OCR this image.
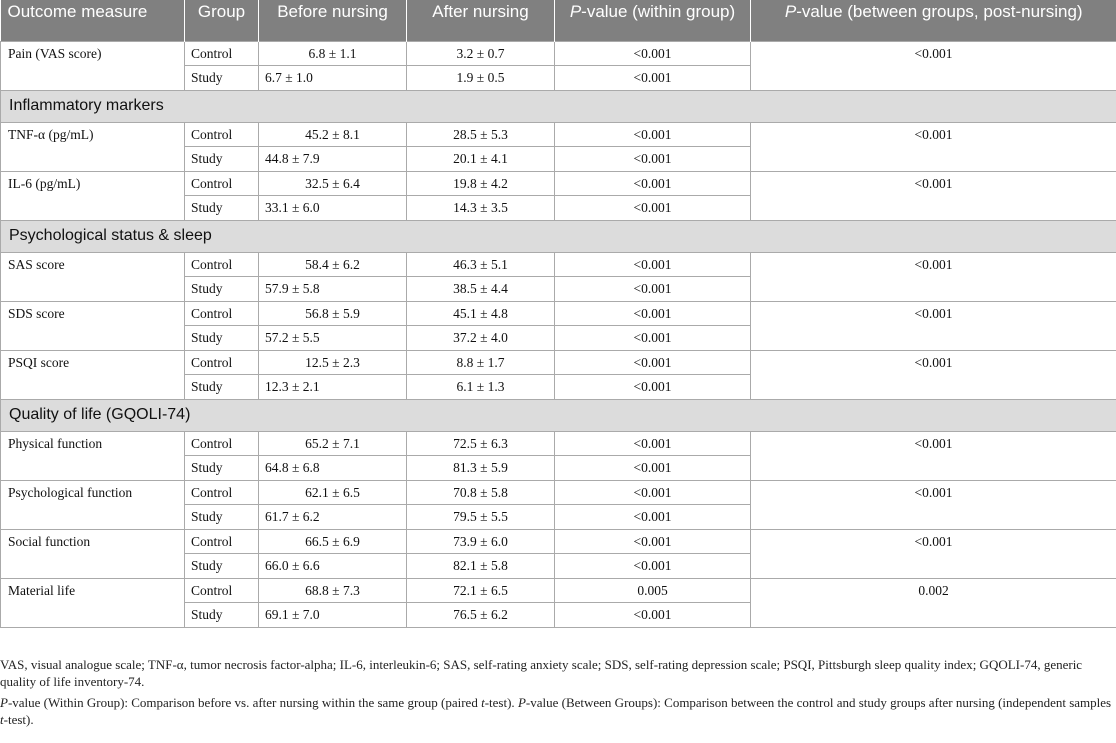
Outcome measure	Group	Before nursing	After nursing	P-value (within group)	P-value (between groups, post-nursing)
Pain (VAS score)	Control	6.8 ± 1.1	3.2 ± 0.7	<0.001	<0.001
	Study	6.7 ± 1.0	1.9 ± 0.5	<0.001	
Inflammatory markers					
TNF-α (pg/mL)	Control	45.2 ± 8.1	28.5 ± 5.3	<0.001	<0.001
	Study	44.8 ± 7.9	20.1 ± 4.1	<0.001	
IL-6 (pg/mL)	Control	32.5 ± 6.4	19.8 ± 4.2	<0.001	<0.001
	Study	33.1 ± 6.0	14.3 ± 3.5	<0.001	
Psychological status & sleep					
SAS score	Control	58.4 ± 6.2	46.3 ± 5.1	<0.001	<0.001
	Study	57.9 ± 5.8	38.5 ± 4.4	<0.001	
SDS score	Control	56.8 ± 5.9	45.1 ± 4.8	<0.001	<0.001
	Study	57.2 ± 5.5	37.2 ± 4.0	<0.001	
PSQI score	Control	12.5 ± 2.3	8.8 ± 1.7	<0.001	<0.001
	Study	12.3 ± 2.1	6.1 ± 1.3	<0.001	
Quality of life (GQOLI-74)					
Physical function	Control	65.2 ± 7.1	72.5 ± 6.3	<0.001	<0.001
	Study	64.8 ± 6.8	81.3 ± 5.9	<0.001	
Psychological function	Control	62.1 ± 6.5	70.8 ± 5.8	<0.001	<0.001
	Study	61.7 ± 6.2	79.5 ± 5.5	<0.001	
Social function	Control	66.5 ± 6.9	73.9 ± 6.0	<0.001	<0.001
	Study	66.0 ± 6.6	82.1 ± 5.8	<0.001	
Material life	Control	68.8 ± 7.3	72.1 ± 6.5	0.005	0.002
	Study	69.1 ± 7.0	76.5 ± 6.2	<0.001	

VAS, visual analogue scale; TNF-α, tumor necrosis factor-alpha; IL-6, interleukin-6; SAS, self-rating anxiety scale; SDS, self-rating depression scale; PSQI, Pittsburgh sleep quality index; GQOLI-74, generic quality of life inventory-74.

P-value (Within Group): Comparison before vs. after nursing within the same group (paired t-test). P-value (Between Groups): Comparison between the control and study groups after nursing (independent samples t-test).
